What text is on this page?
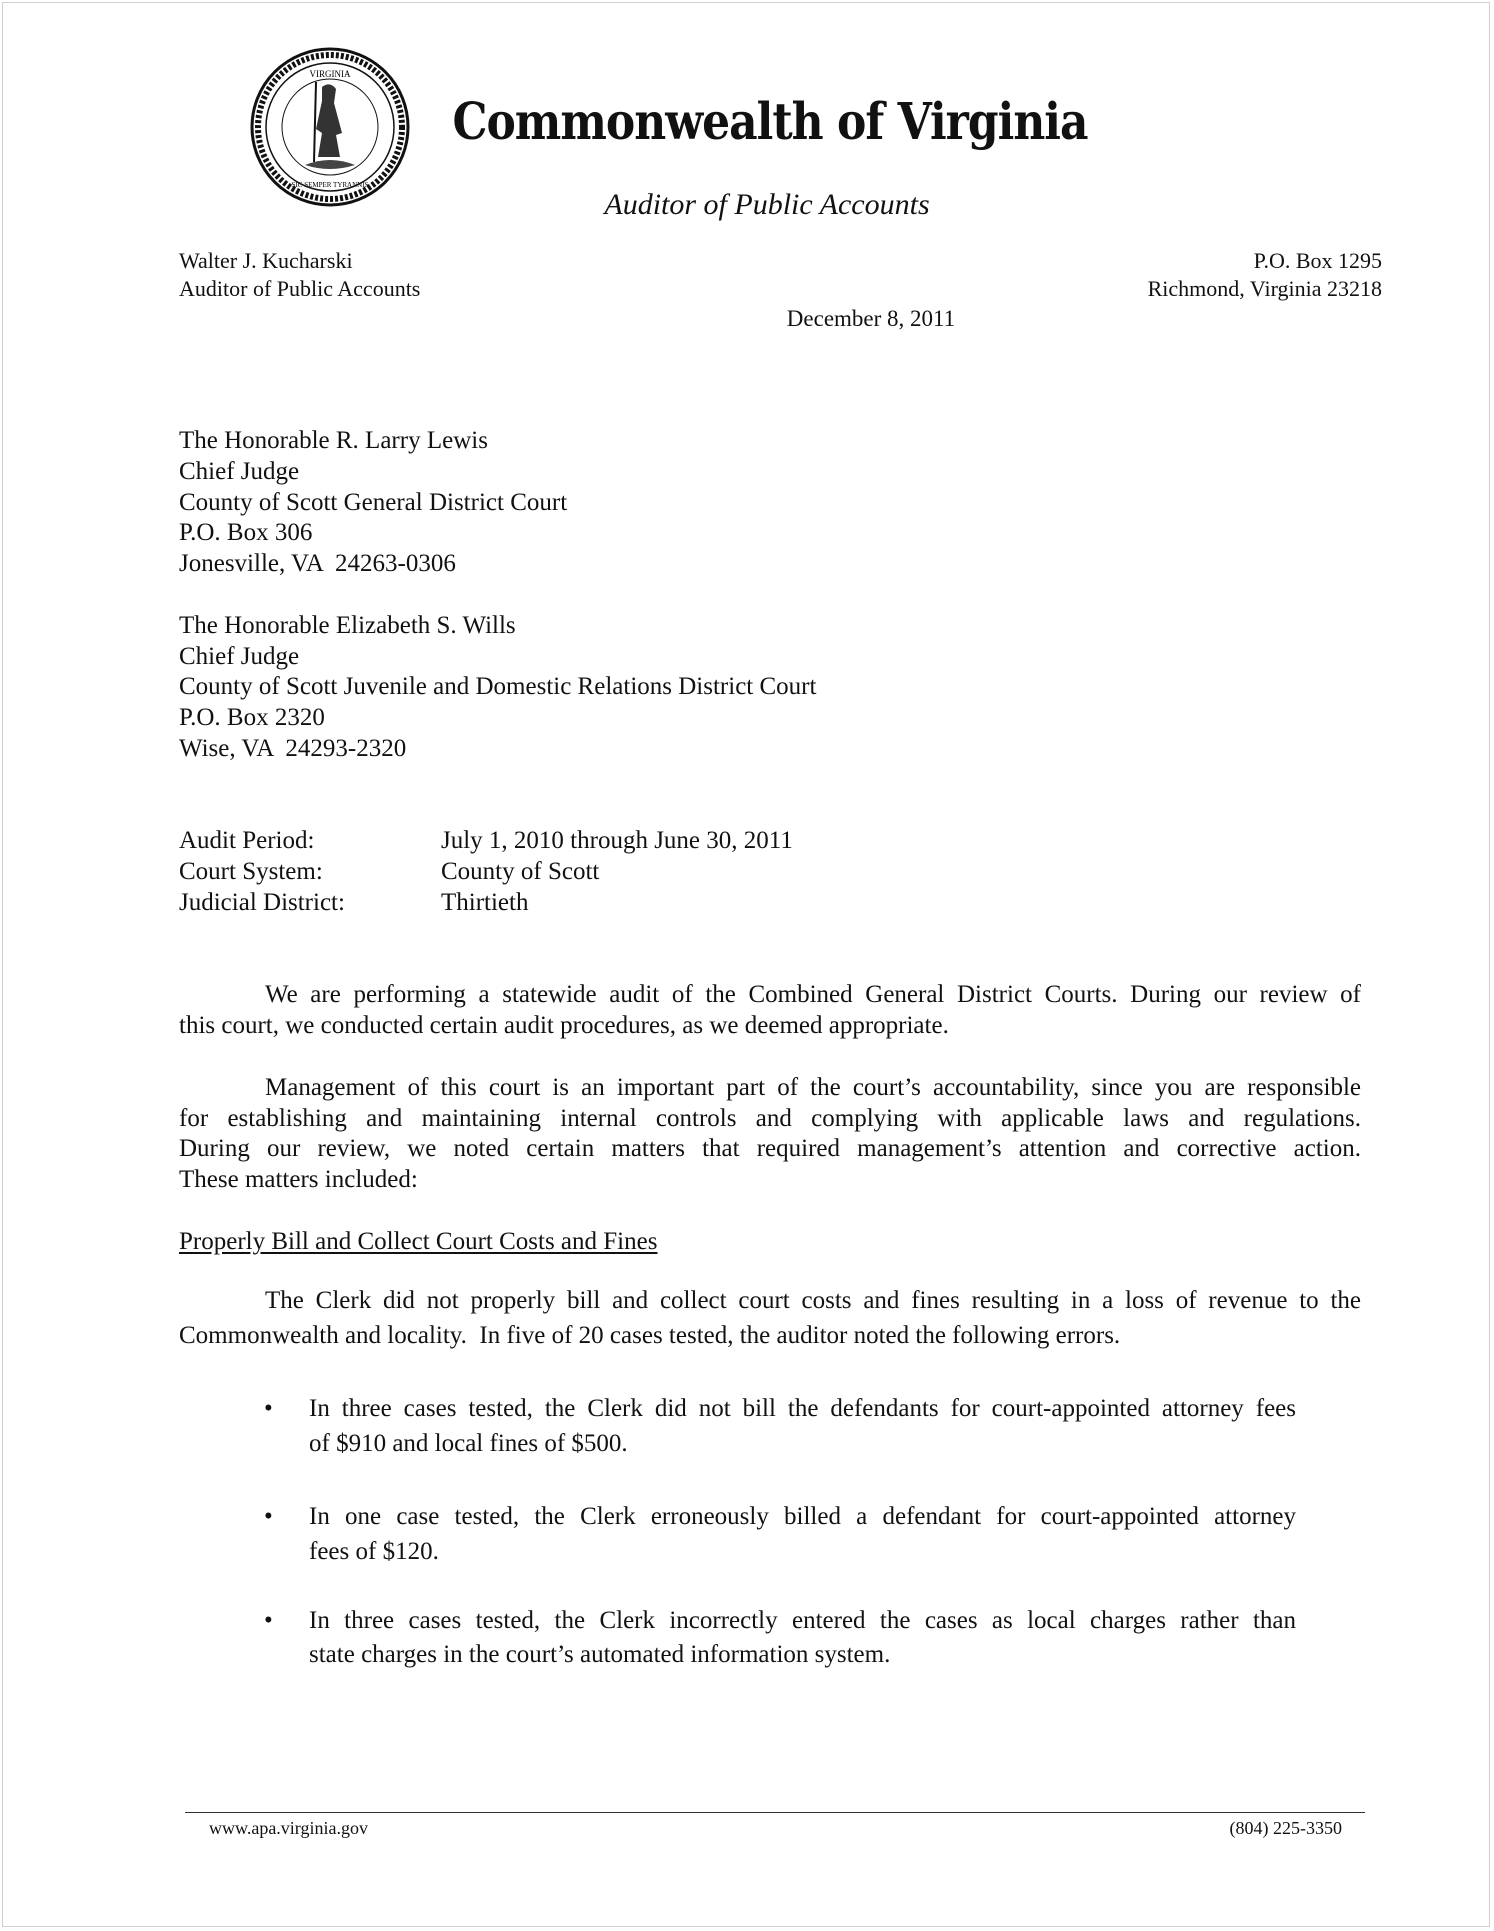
VIRGINIA
SIC SEMPER TYRANNIS
Commonwealth of Virginia
Auditor of Public Accounts
Walter J. Kucharski
Auditor of Public Accounts
P.O. Box 1295
Richmond, Virginia 23218
December 8, 2011
The Honorable R. Larry Lewis
Chief Judge
County of Scott General District Court
P.O. Box 306
Jonesville, VA  24263-0306
The Honorable Elizabeth S. Wills
Chief Judge
County of Scott Juvenile and Domestic Relations District Court
P.O. Box 2320
Wise, VA  24293-2320
Audit Period:	July 1, 2010 through June 30, 2011
Court System:	County of Scott
Judicial District:	Thirtieth
We are performing a statewide audit of the Combined General District Courts. During our review of
this court, we conducted certain audit procedures, as we deemed appropriate.
Management of this court is an important part of the court’s accountability, since you are responsible
for establishing and maintaining internal controls and complying with applicable laws and regulations.
During our review, we noted certain matters that required management’s attention and corrective action.
These matters included:
Properly Bill and Collect Court Costs and Fines
The Clerk did not properly bill and collect court costs and fines resulting in a loss of revenue to the
Commonwealth and locality.  In five of 20 cases tested, the auditor noted the following errors.
• In three cases tested, the Clerk did not bill the defendants for court-appointed attorney fees
of $910 and local fines of $500.
• In one case tested, the Clerk erroneously billed a defendant for court-appointed attorney
fees of $120.
• In three cases tested, the Clerk incorrectly entered the cases as local charges rather than
state charges in the court’s automated information system.
www.apa.virginia.gov	(804) 225-3350
